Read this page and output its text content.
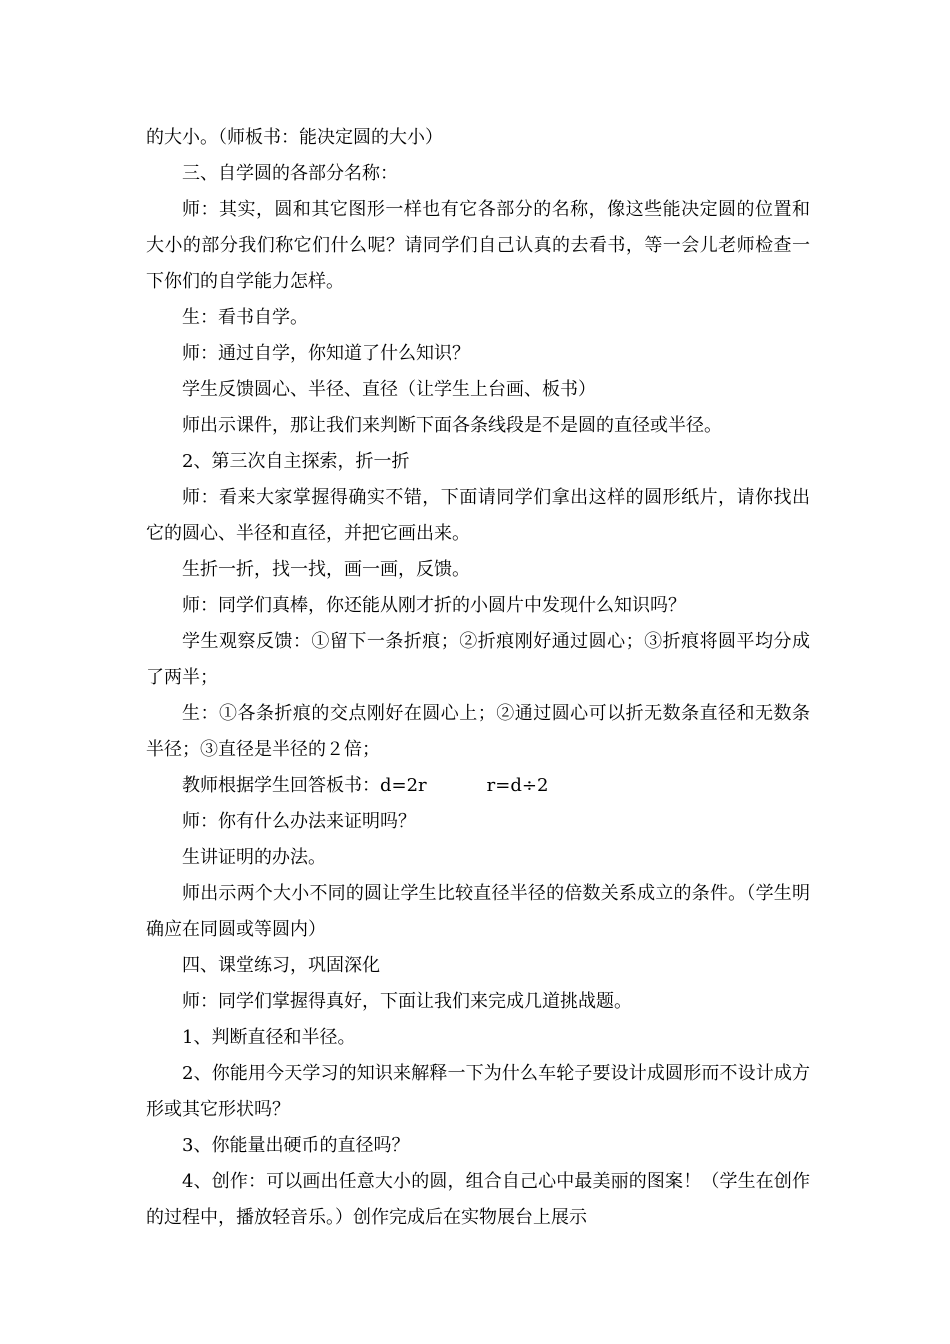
的大小。（师板书：能决定圆的大小）

三、自学圆的各部分名称：

师：其实，圆和其它图形一样也有它各部分的名称，像这些能决定圆的位置和大小的部分我们称它们什么呢？请同学们自己认真的去看书，等一会儿老师检查一下你们的自学能力怎样。

生：看书自学。

师：通过自学，你知道了什么知识？

学生反馈圆心、半径、直径（让学生上台画、板书）

师出示课件，那让我们来判断下面各条线段是不是圆的直径或半径。

2、第三次自主探索，折一折

师：看来大家掌握得确实不错，下面请同学们拿出这样的圆形纸片，请你找出它的圆心、半径和直径，并把它画出来。

生折一折，找一找，画一画，反馈。

师：同学们真棒，你还能从刚才折的小圆片中发现什么知识吗？

学生观察反馈：①留下一条折痕；②折痕刚好通过圆心；③折痕将圆平均分成了两半；

生：①各条折痕的交点刚好在圆心上；②通过圆心可以折无数条直径和无数条半径；③直径是半径的２倍；

教师根据学生回答板书：d=2r	r=d÷2

师：你有什么办法来证明吗？

生讲证明的办法。

师出示两个大小不同的圆让学生比较直径半径的倍数关系成立的条件。（学生明确应在同圆或等圆内）

四、课堂练习，巩固深化

师：同学们掌握得真好，下面让我们来完成几道挑战题。

1、判断直径和半径。

2、你能用今天学习的知识来解释一下为什么车轮子要设计成圆形而不设计成方形或其它形状吗？

3、你能量出硬币的直径吗？

4、创作：可以画出任意大小的圆，组合自己心中最美丽的图案！（学生在创作的过程中，播放轻音乐。）创作完成后在实物展台上展示
